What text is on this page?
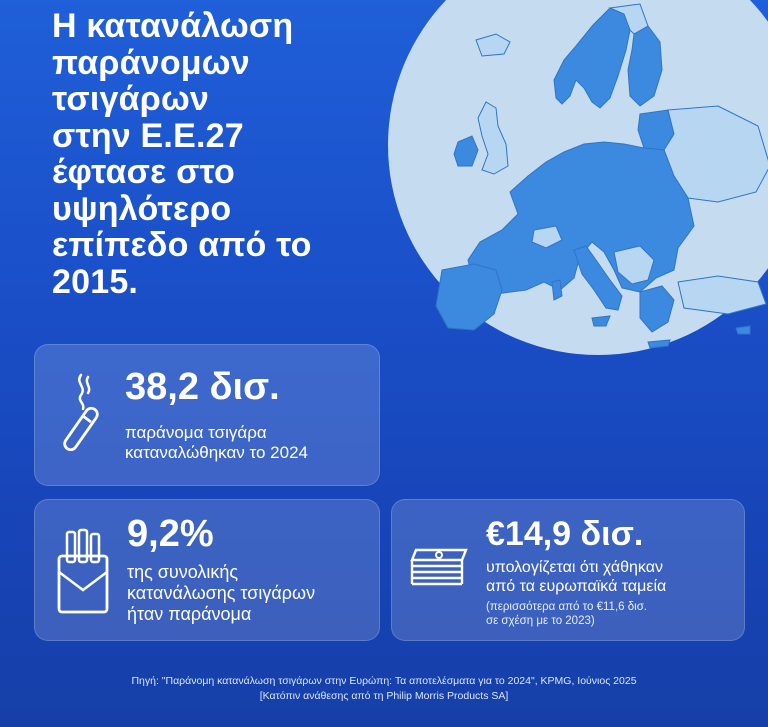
Η κατανάλωση
παράνομων
τσιγάρων
στην Ε.Ε.27
έφτασε στο
υψηλότερο
επίπεδο από το
2015.
38,2 δισ.
παράνομα τσιγάρα
καταναλώθηκαν το 2024
9,2%
της συνολικής
κατανάλωσης τσιγάρων
ήταν παράνομα
€14,9 δισ.
υπολογίζεται ότι χάθηκαν
από τα ευρωπαϊκά ταμεία
(περισσότερα από το €11,6 δισ.
σε σχέση με το 2023)
Πηγή: "Παράνομη κατανάλωση τσιγάρων στην Ευρώπη: Τα αποτελέσματα για το 2024", KPMG, Ιούνιος 2025
[Κατόπιν ανάθεσης από τη Philip Morris Products SA]
